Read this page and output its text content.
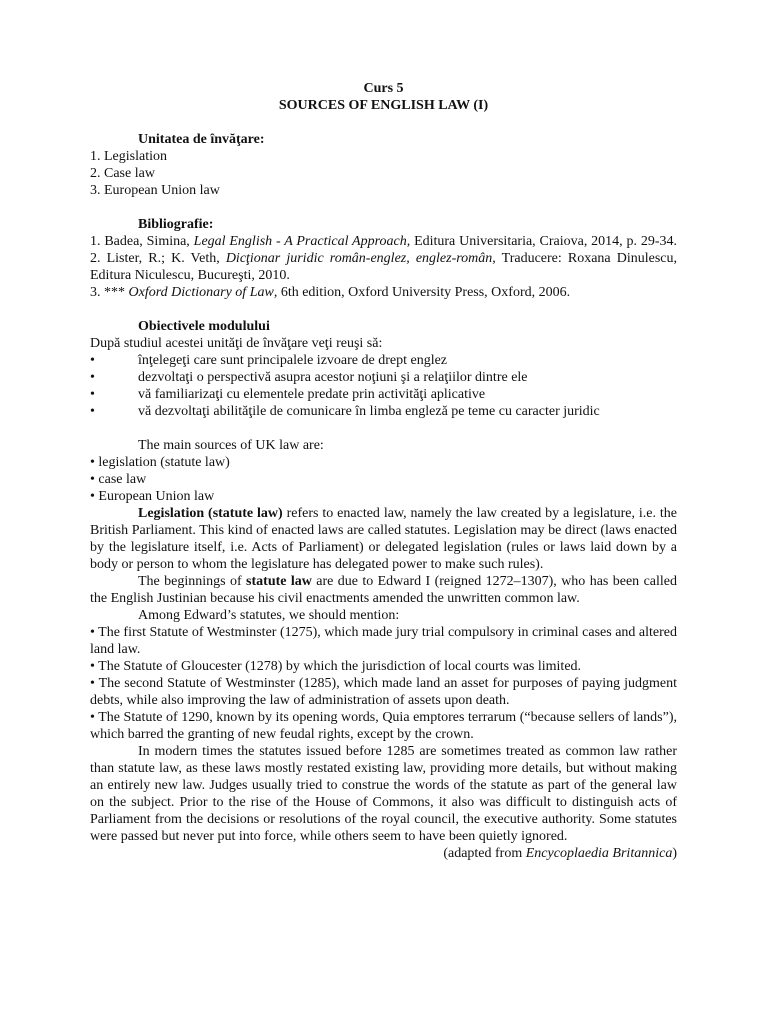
Curs 5
SOURCES OF ENGLISH LAW (I)
Unitatea de învăţare:
1. Legislation
2. Case law
3. European Union law
Bibliografie:
1. Badea, Simina, Legal English - A Practical Approach, Editura Universitaria, Craiova, 2014, p. 29-34. 2. Lister, R.; K. Veth, Dicţionar juridic român-englez, englez-român, Traducere: Roxana Dinulescu, Editura Niculescu, Bucureşti, 2010.
3. *** Oxford Dictionary of Law, 6th edition, Oxford University Press, Oxford, 2006.
Obiectivele modulului
După studiul acestei unităţi de învăţare veţi reuşi să:
•	înţelegeţi care sunt principalele izvoare de drept englez
•	dezvoltaţi o perspectivă asupra acestor noţiuni şi a relaţiilor dintre ele
•	vă familiarizaţi cu elementele predate prin activităţi aplicative
•	vă dezvoltaţi abilităţile de comunicare în limba engleză pe teme cu caracter juridic
The main sources of UK law are:
• legislation (statute law)
• case law
• European Union law
Legislation (statute law) refers to enacted law, namely the law created by a legislature, i.e. the British Parliament. This kind of enacted laws are called statutes. Legislation may be direct (laws enacted by the legislature itself, i.e. Acts of Parliament) or delegated legislation (rules or laws laid down by a body or person to whom the legislature has delegated power to make such rules).
The beginnings of statute law are due to Edward I (reigned 1272–1307), who has been called the English Justinian because his civil enactments amended the unwritten common law.
Among Edward’s statutes, we should mention:
• The first Statute of Westminster (1275), which made jury trial compulsory in criminal cases and altered land law.
• The Statute of Gloucester (1278) by which the jurisdiction of local courts was limited.
• The second Statute of Westminster (1285), which made land an asset for purposes of paying judgment debts, while also improving the law of administration of assets upon death.
• The Statute of 1290, known by its opening words, Quia emptores terrarum (“because sellers of lands”), which barred the granting of new feudal rights, except by the crown.
In modern times the statutes issued before 1285 are sometimes treated as common law rather than statute law, as these laws mostly restated existing law, providing more details, but without making an entirely new law. Judges usually tried to construe the words of the statute as part of the general law on the subject. Prior to the rise of the House of Commons, it also was difficult to distinguish acts of Parliament from the decisions or resolutions of the royal council, the executive authority. Some statutes were passed but never put into force, while others seem to have been quietly ignored.
(adapted from Encycoplaedia Britannica)
